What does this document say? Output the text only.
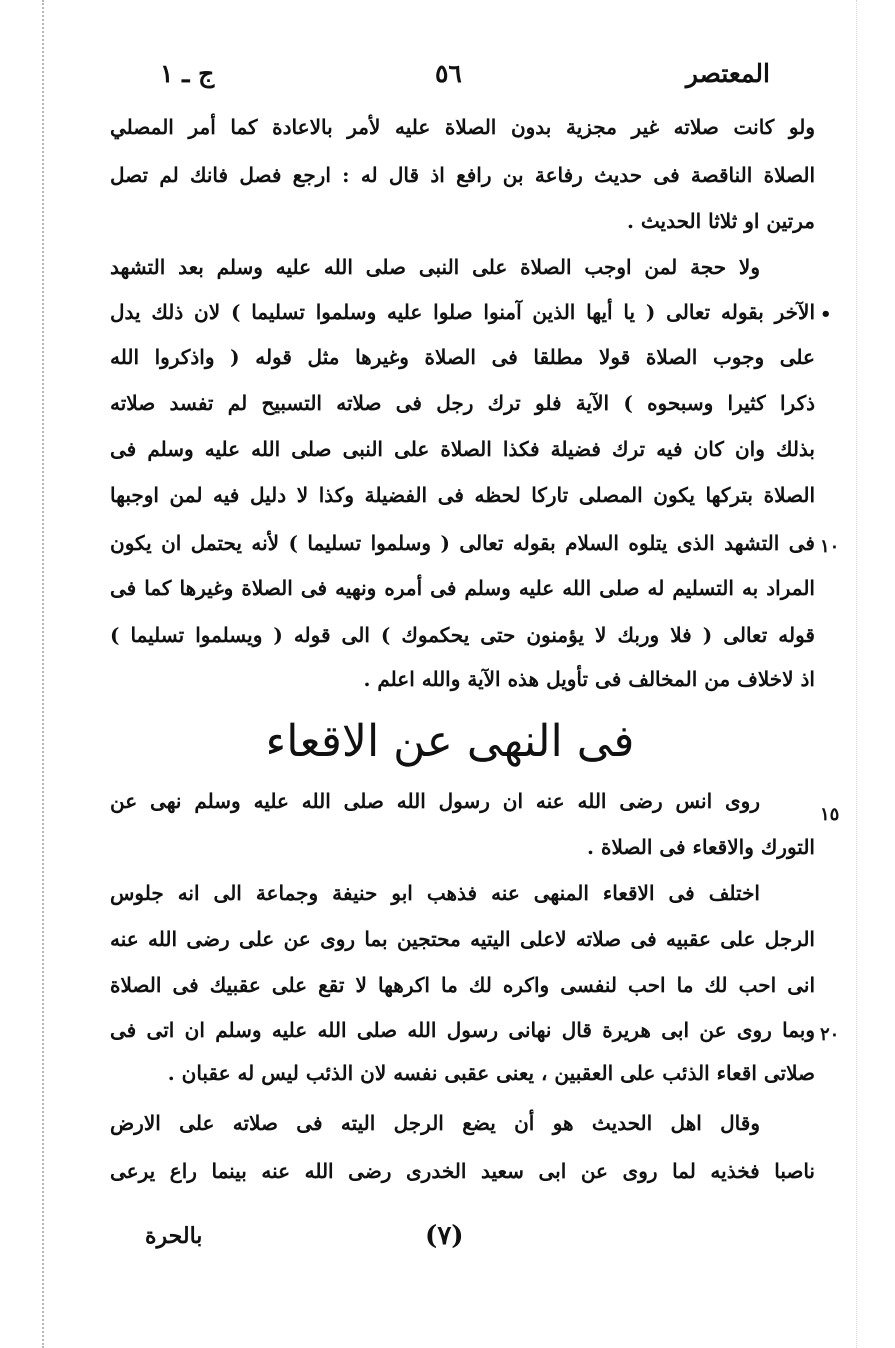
المعتصر
٥٦
ج ـ ١
ولو كانت صلاته غير مجزية بدون الصلاة عليه لأمر بالاعادة كما أمر المصلي
الصلاة الناقصة فى حديث رفاعة بن رافع اذ قال له : ارجع فصل فانك لم تصل
مرتين او ثلاثا الحديث .
ولا حجة لمن اوجب الصلاة على النبى صلى الله عليه وسلم بعد التشهد
الآخر بقوله تعالى ( يا أيها الذين آمنوا صلوا عليه وسلموا تسليما ) لان ذلك يدل
على وجوب الصلاة قولا مطلقا فى الصلاة وغيرها مثل قوله ( واذكروا الله
ذكرا كثيرا وسبحوه ) الآية فلو ترك رجل فى صلاته التسبيح لم تفسد صلاته
بذلك وان كان فيه ترك فضيلة فكذا الصلاة على النبى صلى الله عليه وسلم فى
الصلاة بتركها يكون المصلى تاركا لحظه فى الفضيلة وكذا لا دليل فيه لمن اوجبها
فى التشهد الذى يتلوه السلام بقوله تعالى ( وسلموا تسليما ) لأنه يحتمل ان يكون
المراد به التسليم له صلى الله عليه وسلم فى أمره ونهيه فى الصلاة وغيرها كما فى
قوله تعالى ( فلا وربك لا يؤمنون حتى يحكموك ) الى قوله ( ويسلموا تسليما )
اذ لاخلاف من المخالف فى تأويل هذه الآية والله اعلم .
فى النهى عن الاقعاء
روى انس رضى الله عنه ان رسول الله صلى الله عليه وسلم نهى عن
التورك والاقعاء فى الصلاة .
اختلف فى الاقعاء المنهى عنه فذهب ابو حنيفة وجماعة الى انه جلوس
الرجل على عقبيه فى صلاته لاعلى اليتيه محتجين بما روى عن على رضى الله عنه
انى احب لك ما احب لنفسى واكره لك ما اكرهها لا تقع على عقبيك فى الصلاة
وبما روى عن ابى هريرة قال نهانى رسول الله صلى الله عليه وسلم ان اتى فى
صلاتى اقعاء الذئب على العقبين ، يعنى عقبى نفسه لان الذئب ليس له عقبان .
وقال اهل الحديث هو أن يضع الرجل اليته فى صلاته على الارض
ناصبا فخذيه لما روى عن ابى سعيد الخدرى رضى الله عنه بينما راع يرعى
•
١٠
١٥
٢٠
بالحرة	(٧)
